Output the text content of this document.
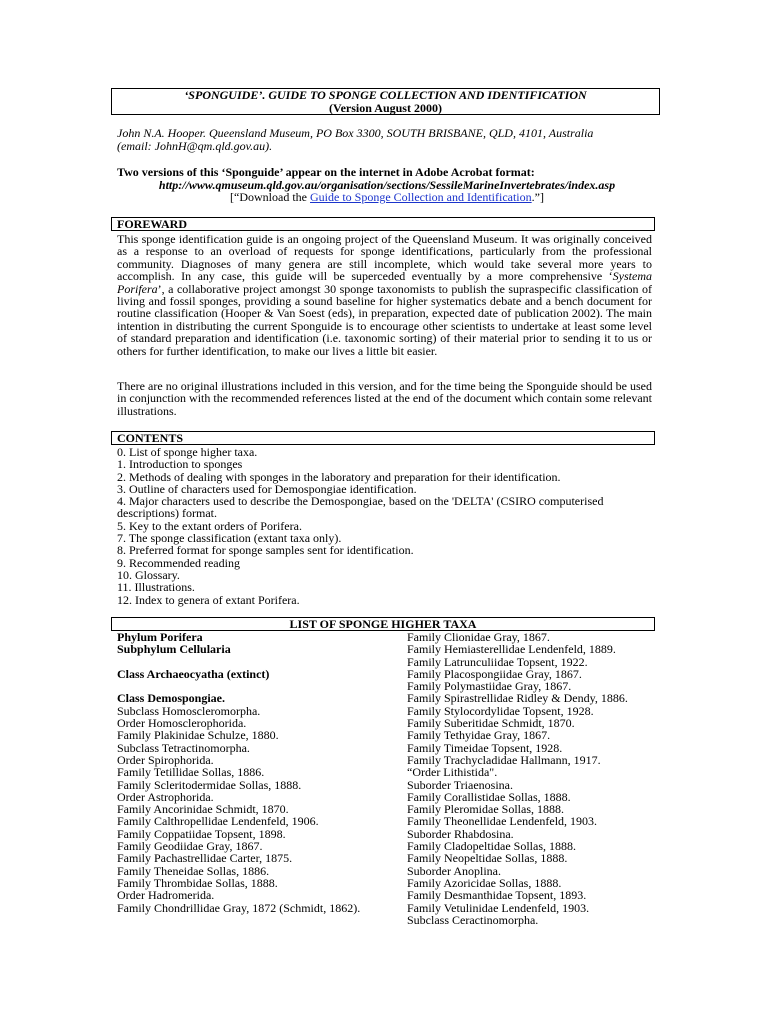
‘SPONGUIDE’. GUIDE TO SPONGE COLLECTION AND IDENTIFICATION
(Version August 2000)
John N.A. Hooper. Queensland Museum, PO Box 3300, SOUTH BRISBANE, QLD, 4101, Australia
(email: JohnH@qm.qld.gov.au).
Two versions of this ‘Sponguide’ appear on the internet in Adobe Acrobat format:
http://www.qmuseum.qld.gov.au/organisation/sections/SessileMarineInvertebrates/index.asp
[“Download the Guide to Sponge Collection and Identification.”]
FOREWARD
This sponge identification guide is an ongoing project of the Queensland Museum. It was originally conceived as a response to an overload of requests for sponge identifications, particularly from the professional community. Diagnoses of many genera are still incomplete, which would take several more years to accomplish. In any case, this guide will be superceded eventually by a more comprehensive ‘Systema Porifera’, a collaborative project amongst 30 sponge taxonomists to publish the supraspecific classification of living and fossil sponges, providing a sound baseline for higher systematics debate and a bench document for routine classification (Hooper & Van Soest (eds), in preparation, expected date of publication 2002). The main intention in distributing the current Sponguide is to encourage other scientists to undertake at least some level of standard preparation and identification (i.e. taxonomic sorting) of their material prior to sending it to us or others for further identification, to make our lives a little bit easier.
There are no original illustrations included in this version, and for the time being the Sponguide should be used in conjunction with the recommended references listed at the end of the document which contain some relevant illustrations.
CONTENTS
0. List of sponge higher taxa.
1. Introduction to sponges
2. Methods of dealing with sponges in the laboratory and preparation for their identification.
3. Outline of characters used for Demospongiae identification.
4. Major characters used to describe the Demospongiae, based on the 'DELTA' (CSIRO computerised descriptions) format.
5. Key to the extant orders of Porifera.
7. The sponge classification (extant taxa only).
8. Preferred format for sponge samples sent for identification.
9. Recommended reading
10. Glossary.
11. Illustrations.
12. Index to genera of extant Porifera.
LIST OF SPONGE HIGHER TAXA
Phylum Porifera
Subphylum Cellularia
Class Archaeocyatha (extinct)
Class Demospongiae.
Subclass Homoscleromorpha.
Order Homosclerophorida.
Family Plakinidae Schulze, 1880.
Subclass Tetractinomorpha.
Order Spirophorida.
Family Tetillidae Sollas, 1886.
Family Scleritodermidae Sollas, 1888.
Order Astrophorida.
Family Ancorinidae Schmidt, 1870.
Family Calthropellidae Lendenfeld, 1906.
Family Coppatiidae Topsent, 1898.
Family Geodiidae Gray, 1867.
Family Pachastrellidae Carter, 1875.
Family Theneidae Sollas, 1886.
Family Thrombidae Sollas, 1888.
Order Hadromerida.
Family Chondrillidae Gray, 1872 (Schmidt, 1862).
Family Clionidae Gray, 1867.
Family Hemiasterellidae Lendenfeld, 1889.
Family Latrunculiidae Topsent, 1922.
Family Placospongiidae Gray, 1867.
Family Polymastiidae Gray, 1867.
Family Spirastrellidae Ridley & Dendy, 1886.
Family Stylocordylidae Topsent, 1928.
Family Suberitidae Schmidt, 1870.
Family Tethyidae Gray, 1867.
Family Timeidae Topsent, 1928.
Family Trachycladidae Hallmann, 1917.
“Order Lithistida".
Suborder Triaenosina.
Family Corallistidae Sollas, 1888.
Family Pleromidae Sollas, 1888.
Family Theonellidae Lendenfeld, 1903.
Suborder Rhabdosina.
Family Cladopeltidae Sollas, 1888.
Family Neopeltidae Sollas, 1888.
Suborder Anoplina.
Family Azoricidae Sollas, 1888.
Family Desmanthidae Topsent, 1893.
Family Vetulinidae Lendenfeld, 1903.
Subclass Ceractinomorpha.
